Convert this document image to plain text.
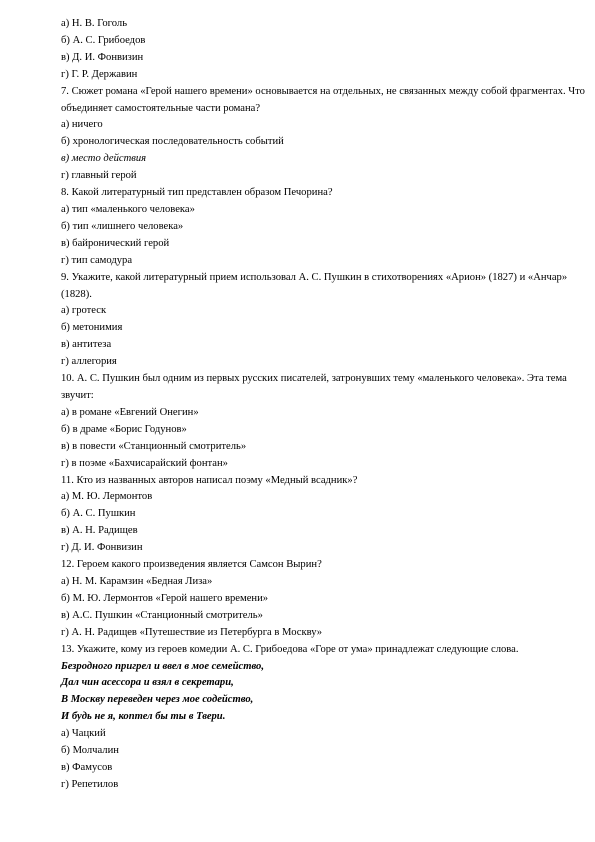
а) Н. В. Гоголь
б) А. С. Грибоедов
в) Д. И. Фонвизин
г) Г. Р. Державин
7. Сюжет романа «Герой нашего времени» основывается на отдельных, не связанных между собой фрагментах. Что объединяет самостоятельные части романа?
а) ничего
б) хронологическая последовательность событий
в) место действия
г) главный герой
8. Какой литературный тип представлен образом Печорина?
а) тип «маленького человека»
б) тип «лишнего человека»
в) байронический герой
г) тип самодура
9. Укажите, какой литературный прием использовал А. С. Пушкин в стихотворениях «Арион» (1827) и «Анчар» (1828).
а) гротеск
б) метонимия
в) антитеза
г) аллегория
10. А. С. Пушкин был одним из первых русских писателей, затронувших тему «маленького человека». Эта тема звучит:
а) в романе «Евгений Онегин»
б) в драме «Борис Годунов»
в) в повести «Станционный смотритель»
г) в поэме «Бахчисарайский фонтан»
11. Кто из названных авторов написал поэму «Медный всадник»?
а) М. Ю. Лермонтов
б) А. С. Пушкин
в) А. Н. Радищев
г) Д. И. Фонвизин
12. Героем какого произведения является Самсон Вырин?
а) Н. М. Карамзин «Бедная Лиза»
б) М. Ю. Лермонтов «Герой нашего времени»
в) А.С. Пушкин «Станционный смотритель»
г) А. Н. Радищев «Путешествие из Петербурга в Москву»
13. Укажите, кому из героев комедии А. С. Грибоедова «Горе от ума» принадлежат следующие слова.
Безродного пригрел и ввел в мое семейство,
Дал чин асессора и взял в секретари,
В Москву переведен через мое содейство,
И будь не я, коптел бы ты в Твери.
а) Чацкий
б) Молчалин
в) Фамусов
г) Репетилов
